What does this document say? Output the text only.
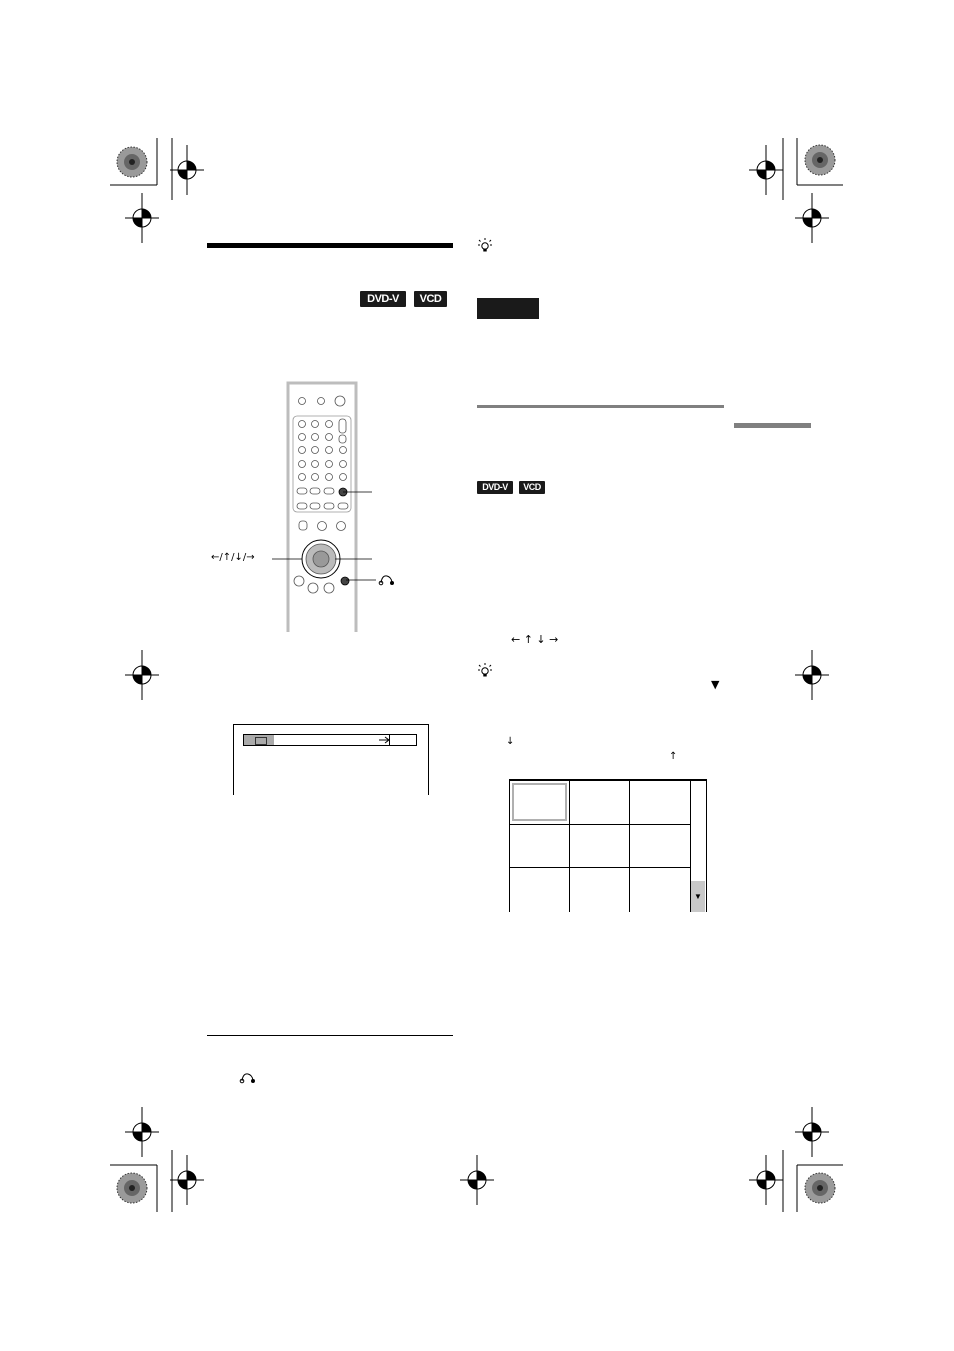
DVD-V	VCD
←/↑/↓/→
DVD-V	VCD
← ↑ ↓ →
▼
↓
↑
▼
